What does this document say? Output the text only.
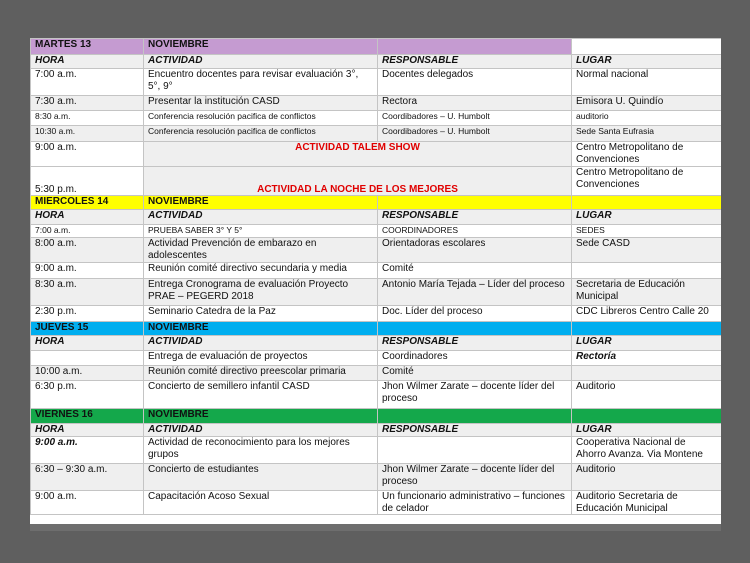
MARTES 13	NOVIEMBRE		
HORA	ACTIVIDAD	RESPONSABLE	LUGAR
7:00 a.m.	Encuentro docentes para revisar evaluación 3°, 5°, 9°	Docentes delegados	Normal nacional
7:30 a.m.	Presentar la institución CASD	Rectora	Emisora U. Quindío
8:30 a.m.	Conferencia resolución pacifica de conflictos	Coordibadores – U. Humbolt	auditorio
10:30 a.m.	Conferencia resolución pacifica de conflictos	Coordibadores – U. Humbolt	Sede Santa Eufrasia
9:00 a.m.	ACTIVIDAD TALEM SHOW		Centro Metropolitano de Convenciones
5:30 p.m.	ACTIVIDAD LA NOCHE DE LOS MEJORES		Centro Metropolitano de Convenciones
MIERCOLES 14	NOVIEMBRE		
HORA	ACTIVIDAD	RESPONSABLE	LUGAR
7:00 a.m.	PRUEBA SABER 3° Y 5°	COORDINADORES	SEDES
8:00 a.m.	Actividad Prevención de embarazo en adolescentes	Orientadoras escolares	Sede CASD
9:00 a.m.	Reunión comité directivo secundaria y media	Comité	
8:30 a.m.	Entrega Cronograma de evaluación Proyecto PRAE – PEGERD 2018	Antonio María Tejada – Líder del proceso	Secretaria de Educación Municipal
2:30 p.m.	Seminario Catedra de la Paz	Doc. Líder del proceso	CDC Libreros Centro Calle 20
JUEVES 15	NOVIEMBRE		
HORA	ACTIVIDAD	RESPONSABLE	LUGAR
	Entrega de evaluación de proyectos	Coordinadores	Rectoría
10:00 a.m.	Reunión comité directivo preescolar primaria	Comité	
6:30 p.m.	Concierto de semillero infantil CASD	Jhon Wilmer Zarate – docente líder del proceso	Auditorio
VIERNES 16	NOVIEMBRE		
HORA	ACTIVIDAD	RESPONSABLE	LUGAR
9:00 a.m.	Actividad de reconocimiento para los mejores grupos		Cooperativa Nacional de Ahorro Avanza. Via Montene
6:30 – 9:30 a.m.	Concierto de estudiantes	Jhon Wilmer Zarate – docente líder del proceso	Auditorio
9:00 a.m.	Capacitación Acoso Sexual	Un funcionario administrativo – funciones de celador	Auditorio Secretaria de Educación Municipal
